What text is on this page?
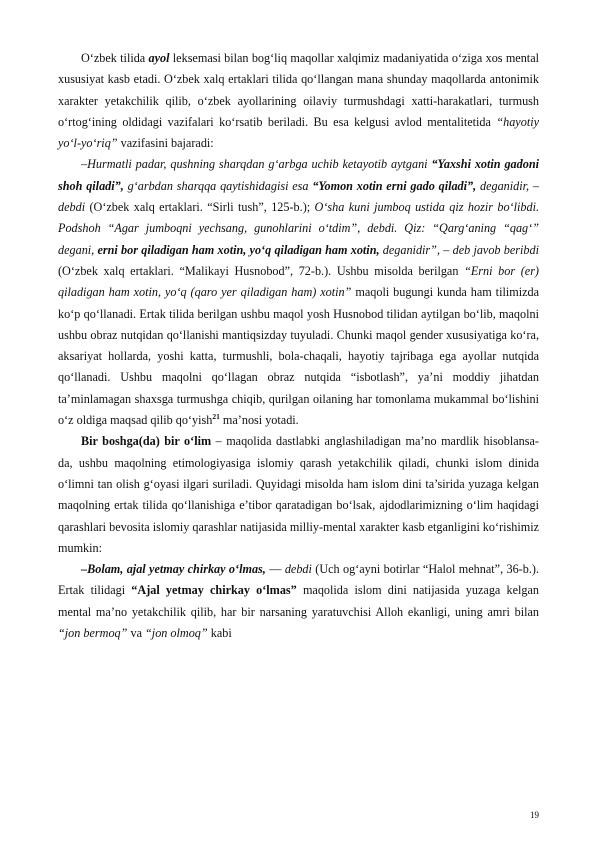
O‘zbek tilida ayol leksemasi bilan bog‘liq maqollar xalqimiz madaniyatida o‘ziga xos mental xususiyat kasb etadi. O‘zbek xalq ertaklari tilida qo‘llangan mana shunday maqollarda antonimik xarakter yetakchilik qilib, o‘zbek ayollarining oilaviy turmushdagi xatti-harakatlari, turmush o‘rtog‘ining oldidagi vazifalari ko‘rsatib beriladi. Bu esa kelgusi avlod mentalitetida “hayotiy yo‘l-yo‘riq” vazifasini bajaradi:

–Hurmatli padar, qushning sharqdan g‘arbga uchib ketayotib aytgani “Yaxshi xotin gadoni shoh qiladi”, g‘arbdan sharqqa qaytishidagisi esa “Yomon xotin erni gado qiladi”, deganidir, – debdi (O‘zbek xalq ertaklari. “Sirli tush”, 125-b.); O‘sha kuni jumboq ustida qiz hozir bo‘libdi. Podshoh “Agar jumboqni yechsang, gunohlarini o‘tdim”, debdi. Qiz: “Qarg‘aning “qag‘” degani, erni bor qiladigan ham xotin, yo‘q qiladigan ham xotin, deganidir”, – deb javob beribdi (O‘zbek xalq ertaklari. “Malikayi Husnobod”, 72-b.). Ushbu misolda berilgan “Erni bor (er) qiladigan ham xotin, yo‘q (qaro yer qiladigan ham) xotin” maqoli bugungi kunda ham tilimizda ko‘p qo‘llanadi. Ertak tilida berilgan ushbu maqol yosh Husnobod tilidan aytilgan bo‘lib, maqolni ushbu obraz nutqidan qo‘llanishi mantiqsizday tuyuladi. Chunki maqol gender xususiyatiga ko‘ra, aksariyat hollarda, yoshi katta, turmushli, bola-chaqali, hayotiy tajribaga ega ayollar nutqida qo‘llanadi. Ushbu maqolni qo‘llagan obraz nutqida “isbotlash”, ya’ni moddiy jihatdan ta’minlamagan shaxsga turmushga chiqib, qurilgan oilaning har tomonlama mukammal bo‘lishini o‘z oldiga maqsad qilib qo‘yish$^{21}$ ma’nosi yotadi.

Bir boshga(da) bir o‘lim – maqolida dastlabki anglashiladigan ma’no mardlik hisoblansa-da, ushbu maqolning etimologiyasiga islomiy qarash yetakchilik qiladi, chunki islom dinida o‘limni tan olish g‘oyasi ilgari suriladi. Quyidagi misolda ham islom dini ta’sirida yuzaga kelgan maqolning ertak tilida qo‘llanishiga e’tibor qaratadigan bo‘lsak, ajdodlarimizning o‘lim haqidagi qarashlari bevosita islomiy qarashlar natijasida milliy-mental xarakter kasb etganligini ko‘rishimiz mumkin:

–Bolam, ajal yetmay chirkay o‘lmas, — debdi (Uch og‘ayni botirlar “Halol mehnat”, 36-b.). Ertak tilidagi “Ajal yetmay chirkay o‘lmas” maqolida islom dini natijasida yuzaga kelgan mental ma’no yetakchilik qilib, har bir narsaning yaratuvchisi Alloh ekanligi, uning amri bilan “jon bermoq” va “jon olmoq” kabi

19
